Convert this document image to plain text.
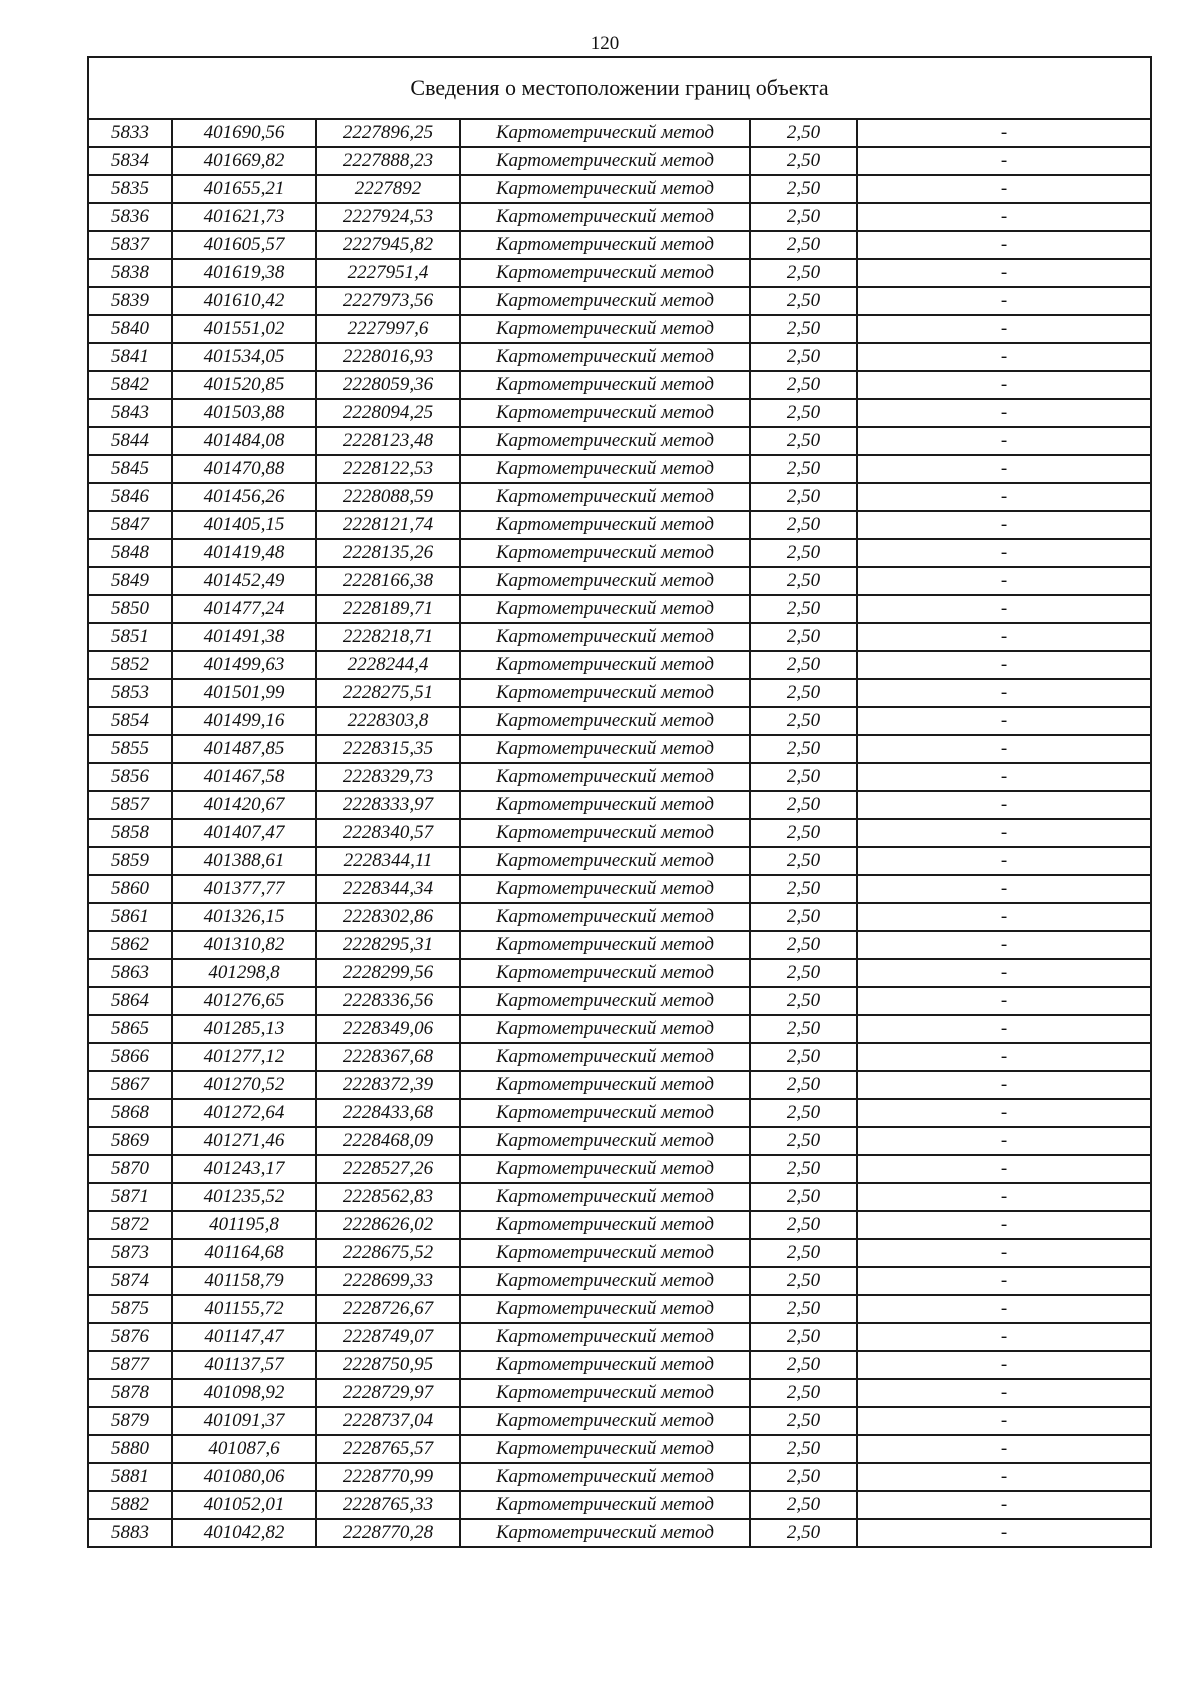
120
Сведения о местоположении границ объекта					
5833	401690,56	2227896,25	Картометрический метод	2,50	-
5834	401669,82	2227888,23	Картометрический метод	2,50	-
5835	401655,21	2227892	Картометрический метод	2,50	-
5836	401621,73	2227924,53	Картометрический метод	2,50	-
5837	401605,57	2227945,82	Картометрический метод	2,50	-
5838	401619,38	2227951,4	Картометрический метод	2,50	-
5839	401610,42	2227973,56	Картометрический метод	2,50	-
5840	401551,02	2227997,6	Картометрический метод	2,50	-
5841	401534,05	2228016,93	Картометрический метод	2,50	-
5842	401520,85	2228059,36	Картометрический метод	2,50	-
5843	401503,88	2228094,25	Картометрический метод	2,50	-
5844	401484,08	2228123,48	Картометрический метод	2,50	-
5845	401470,88	2228122,53	Картометрический метод	2,50	-
5846	401456,26	2228088,59	Картометрический метод	2,50	-
5847	401405,15	2228121,74	Картометрический метод	2,50	-
5848	401419,48	2228135,26	Картометрический метод	2,50	-
5849	401452,49	2228166,38	Картометрический метод	2,50	-
5850	401477,24	2228189,71	Картометрический метод	2,50	-
5851	401491,38	2228218,71	Картометрический метод	2,50	-
5852	401499,63	2228244,4	Картометрический метод	2,50	-
5853	401501,99	2228275,51	Картометрический метод	2,50	-
5854	401499,16	2228303,8	Картометрический метод	2,50	-
5855	401487,85	2228315,35	Картометрический метод	2,50	-
5856	401467,58	2228329,73	Картометрический метод	2,50	-
5857	401420,67	2228333,97	Картометрический метод	2,50	-
5858	401407,47	2228340,57	Картометрический метод	2,50	-
5859	401388,61	2228344,11	Картометрический метод	2,50	-
5860	401377,77	2228344,34	Картометрический метод	2,50	-
5861	401326,15	2228302,86	Картометрический метод	2,50	-
5862	401310,82	2228295,31	Картометрический метод	2,50	-
5863	401298,8	2228299,56	Картометрический метод	2,50	-
5864	401276,65	2228336,56	Картометрический метод	2,50	-
5865	401285,13	2228349,06	Картометрический метод	2,50	-
5866	401277,12	2228367,68	Картометрический метод	2,50	-
5867	401270,52	2228372,39	Картометрический метод	2,50	-
5868	401272,64	2228433,68	Картометрический метод	2,50	-
5869	401271,46	2228468,09	Картометрический метод	2,50	-
5870	401243,17	2228527,26	Картометрический метод	2,50	-
5871	401235,52	2228562,83	Картометрический метод	2,50	-
5872	401195,8	2228626,02	Картометрический метод	2,50	-
5873	401164,68	2228675,52	Картометрический метод	2,50	-
5874	401158,79	2228699,33	Картометрический метод	2,50	-
5875	401155,72	2228726,67	Картометрический метод	2,50	-
5876	401147,47	2228749,07	Картометрический метод	2,50	-
5877	401137,57	2228750,95	Картометрический метод	2,50	-
5878	401098,92	2228729,97	Картометрический метод	2,50	-
5879	401091,37	2228737,04	Картометрический метод	2,50	-
5880	401087,6	2228765,57	Картометрический метод	2,50	-
5881	401080,06	2228770,99	Картометрический метод	2,50	-
5882	401052,01	2228765,33	Картометрический метод	2,50	-
5883	401042,82	2228770,28	Картометрический метод	2,50	-
